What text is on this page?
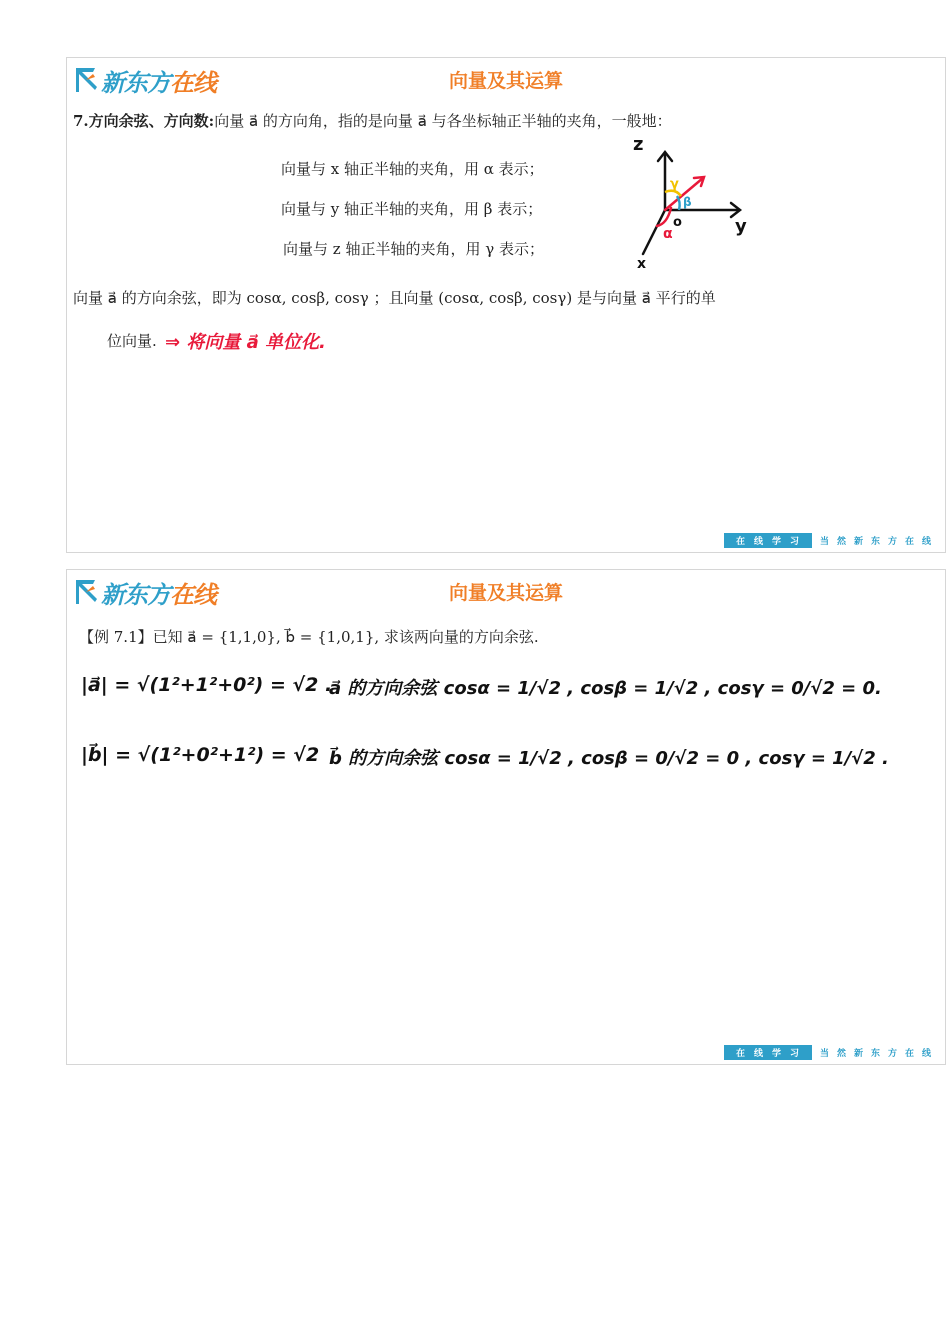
新东方在线	向量及其运算
7.方向余弦、方向数:向量 a⃗ 的方向角，指的是向量 a⃗ 与各坐标轴正半轴的夹角，一般地：
向量与 x 轴正半轴的夹角，用 α 表示；
向量与 y 轴正半轴的夹角，用 β 表示；
向量与 z 轴正半轴的夹角，用 γ 表示；
z
y
x
o
α
β
γ
向量 a⃗ 的方向余弦，即为 cosα, cosβ, cosγ ；且向量 (cosα, cosβ, cosγ) 是与向量 a⃗ 平行的单
位向量. ⇒ 将向量 a⃗ 单位化.
在线学习	当然新东方在线
新东方在线	向量及其运算
【例 7.1】已知 a⃗ = {1,1,0}, b⃗ = {1,0,1}, 求该两向量的方向余弦.
|a⃗| = √(1²+1²+0²) = √2 .
a⃗ 的方向余弦 cosα = 1/√2 , cosβ = 1/√2 , cosγ = 0/√2 = 0.
|b⃗| = √(1²+0²+1²) = √2 b⃗ 的方向余弦 cosα = 1/√2 , cosβ = 0/√2 = 0 , cosγ = 1/√2 .
在线学习	当然新东方在线
